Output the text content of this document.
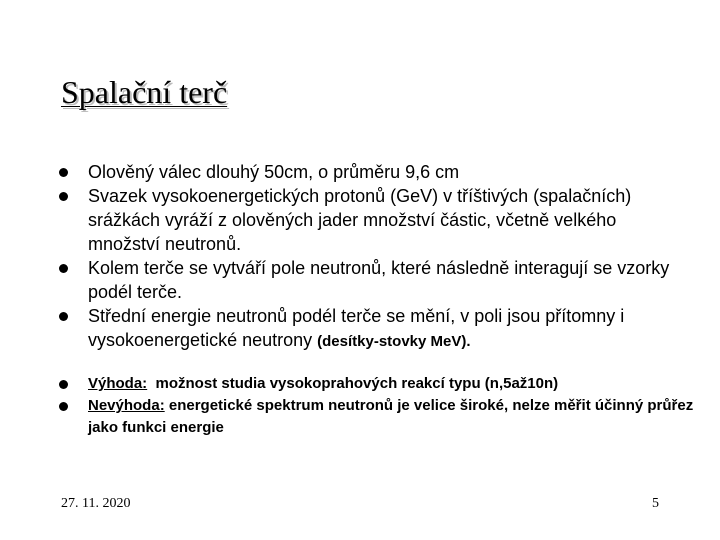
Spalační terč
Olověný válec dlouhý 50cm, o průměru 9,6 cm
Svazek vysokoenergetických protonů (GeV) v tříštivých (spalačních) srážkách vyráží z olověných jader množství částic, včetně velkého množství neutronů.
Kolem terče se vytváří pole neutronů, které následně interagují se vzorky podél terče.
Střední energie neutronů podél terče se mění, v poli jsou přítomny i vysokoenergetické neutrony (desítky-stovky MeV).
Výhoda:  možnost studia vysokoprahových reakcí typu (n,5až10n)
Nevýhoda: energetické spektrum neutronů je velice široké, nelze měřit účinný průřez jako funkci energie
27. 11. 2020	5
